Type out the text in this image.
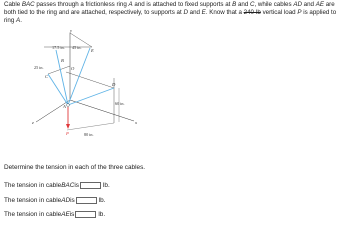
Cable BAC passes through a frictionless ring A and is attached to fixed supports at B and C, while cables AD and AE are
both tied to the ring and are attached, respectively, to supports at D and E. Know that a 240-lb vertical load P is applied to
ring A.
y
x
z
17.5 in. 45 in.
25 in.
60 in.
80 in.
B
C
D
E
A
O
P
Determine the tension in each of the three cables.
The tension in cable BAC is	lb.
The tension in cable AD is	lb.
The tension in cable AE is	lb.
